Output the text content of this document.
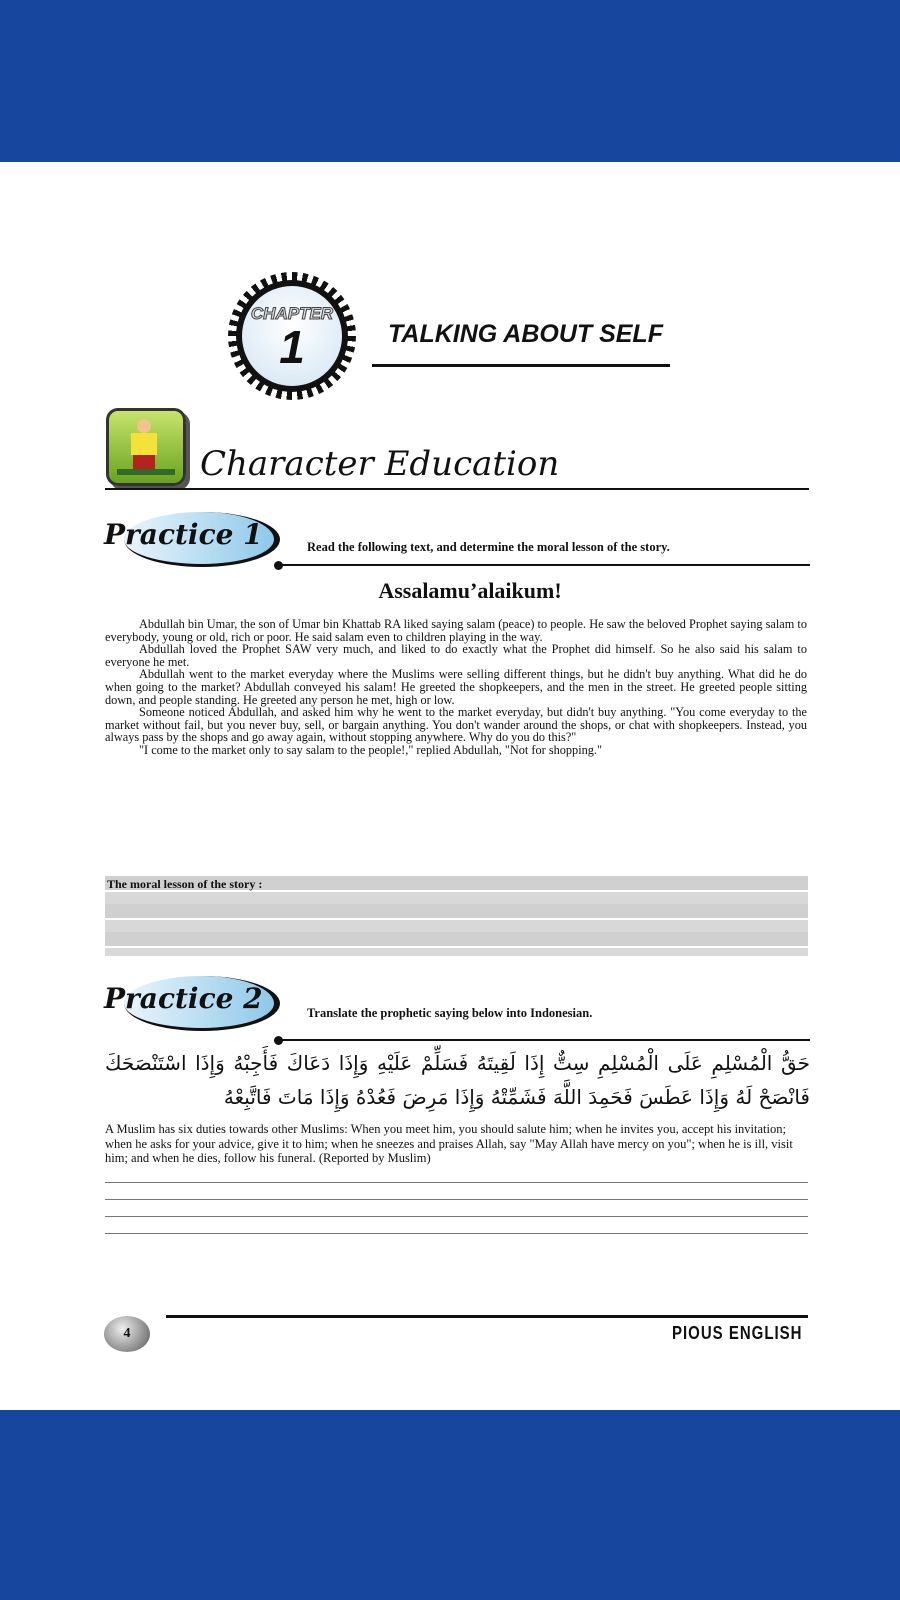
CHAPTER
1	TALKING ABOUT SELF
Character Education
Practice 1	Read the following text, and determine the moral lesson of the story.
Assalamu’alaikum!

Abdullah bin Umar, the son of Umar bin Khattab RA liked saying salam (peace) to people. He saw the beloved Prophet saying salam to everybody, young or old, rich or poor. He said salam even to children playing in the way.

Abdullah loved the Prophet SAW very much, and liked to do exactly what the Prophet did himself. So he also said his salam to everyone he met.

Abdullah went to the market everyday where the Muslims were selling different things, but he didn't buy anything. What did he do when going to the market? Abdullah conveyed his salam! He greeted the shopkeepers, and the men in the street. He greeted people sitting down, and people standing. He greeted any person he met, high or low.

Someone noticed Abdullah, and asked him why he went to the market everyday, but didn't buy anything. "You come everyday to the market without fail, but you never buy, sell, or bargain anything. You don't wander around the shops, or chat with shopkeepers. Instead, you always pass by the shops and go away again, without stopping anywhere. Why do you do this?"

"I come to the market only to say salam to the people!," replied Abdullah, "Not for shopping."

The moral lesson of the story :
Practice 2	Translate the prophetic saying below into Indonesian.
حَقُّ الْمُسْلِمِ عَلَى الْمُسْلِمِ سِتٌّ إِذَا لَقِيتَهُ فَسَلِّمْ عَلَيْهِ وَإِذَا دَعَاكَ فَأَجِبْهُ وَإِذَا اسْتَنْصَحَكَ فَانْصَحْ لَهُ وَإِذَا عَطَسَ فَحَمِدَ اللَّهَ فَشَمِّتْهُ وَإِذَا مَرِضَ فَعُدْهُ وَإِذَا مَاتَ فَاتَّبِعْهُ
A Muslim has six duties towards other Muslims: When you meet him, you should salute him; when he invites you, accept his invitation; when he asks for your advice, give it to him; when he sneezes and praises Allah, say "May Allah have mercy on you"; when he is ill, visit him; and when he dies, follow his funeral. (Reported by Muslim)
4	PIOUS ENGLISH
